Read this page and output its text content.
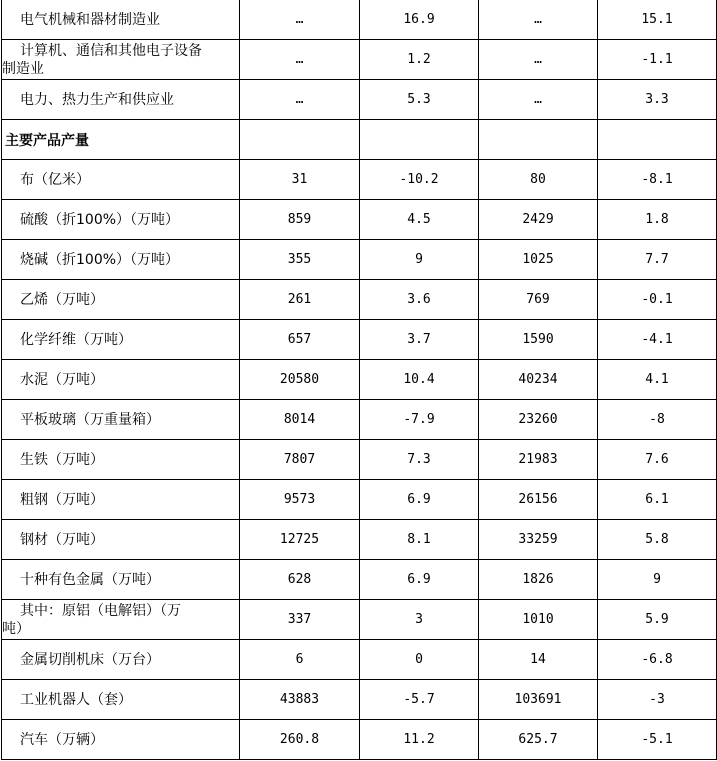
电气机械和器材制造业	…	16.9	…	15.1
计算机、通信和其他电子设备
制造业	…	1.2	…	-1.1
电力、热力生产和供应业	…	5.3	…	3.3
主要产品产量				
布（亿米）	31	-10.2	80	-8.1
硫酸（折100%）（万吨）	859	4.5	2429	1.8
烧碱（折100%）（万吨）	355	9	1025	7.7
乙烯（万吨）	261	3.6	769	-0.1
化学纤维（万吨）	657	3.7	1590	-4.1
水泥（万吨）	20580	10.4	40234	4.1
平板玻璃（万重量箱）	8014	-7.9	23260	-8
生铁（万吨）	7807	7.3	21983	7.6
粗钢（万吨）	9573	6.9	26156	6.1
钢材（万吨）	12725	8.1	33259	5.8
十种有色金属（万吨）	628	6.9	1826	9
其中：原铝（电解铝）（万
吨）	337	3	1010	5.9
金属切削机床（万台）	6	0	14	-6.8
工业机器人（套）	43883	-5.7	103691	-3
汽车（万辆）	260.8	11.2	625.7	-5.1
